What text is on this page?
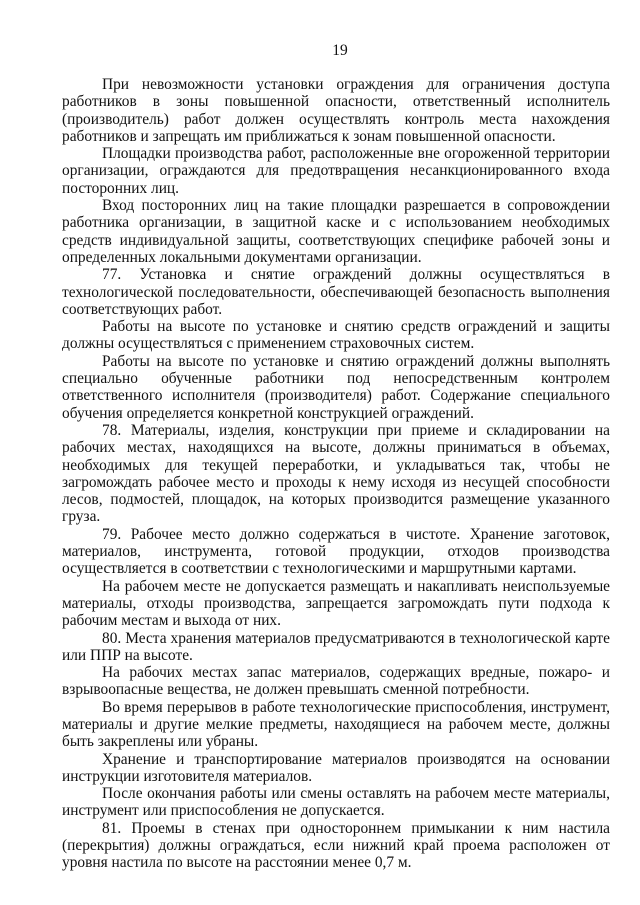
19

При невозможности установки ограждения для ограничения доступа работников в зоны повышенной опасности, ответственный исполнитель (производитель) работ должен осуществлять контроль места нахождения работников и запрещать им приближаться к зонам повышенной опасности.

Площадки производства работ, расположенные вне огороженной территории организации, ограждаются для предотвращения несанкционированного входа посторонних лиц.

Вход посторонних лиц на такие площадки разрешается в сопровождении работника организации, в защитной каске и с использованием необходимых средств индивидуальной защиты, соответствующих специфике рабочей зоны и определенных локальными документами организации.

77. Установка и снятие ограждений должны осуществляться в технологической последовательности, обеспечивающей безопасность выполнения соответствующих работ.

Работы на высоте по установке и снятию средств ограждений и защиты должны осуществляться с применением страховочных систем.

Работы на высоте по установке и снятию ограждений должны выполнять специально обученные работники под непосредственным контролем ответственного исполнителя (производителя) работ. Содержание специального обучения определяется конкретной конструкцией ограждений.

78. Материалы, изделия, конструкции при приеме и складировании на рабочих местах, находящихся на высоте, должны приниматься в объемах, необходимых для текущей переработки, и укладываться так, чтобы не загромождать рабочее место и проходы к нему исходя из несущей способности лесов, подмостей, площадок, на которых производится размещение указанного груза.

79. Рабочее место должно содержаться в чистоте. Хранение заготовок, материалов, инструмента, готовой продукции, отходов производства осуществляется в соответствии с технологическими и маршрутными картами.

На рабочем месте не допускается размещать и накапливать неиспользуемые материалы, отходы производства, запрещается загромождать пути подхода к рабочим местам и выхода от них.

80. Места хранения материалов предусматриваются в технологической карте или ППР на высоте.

На рабочих местах запас материалов, содержащих вредные, пожаро- и взрывоопасные вещества, не должен превышать сменной потребности.

Во время перерывов в работе технологические приспособления, инструмент, материалы и другие мелкие предметы, находящиеся на рабочем месте, должны быть закреплены или убраны.

Хранение и транспортирование материалов производятся на основании инструкции изготовителя материалов.

После окончания работы или смены оставлять на рабочем месте материалы, инструмент или приспособления не допускается.

81. Проемы в стенах при одностороннем примыкании к ним настила (перекрытия) должны ограждаться, если нижний край проема расположен от уровня настила по высоте на расстоянии менее 0,7 м.
